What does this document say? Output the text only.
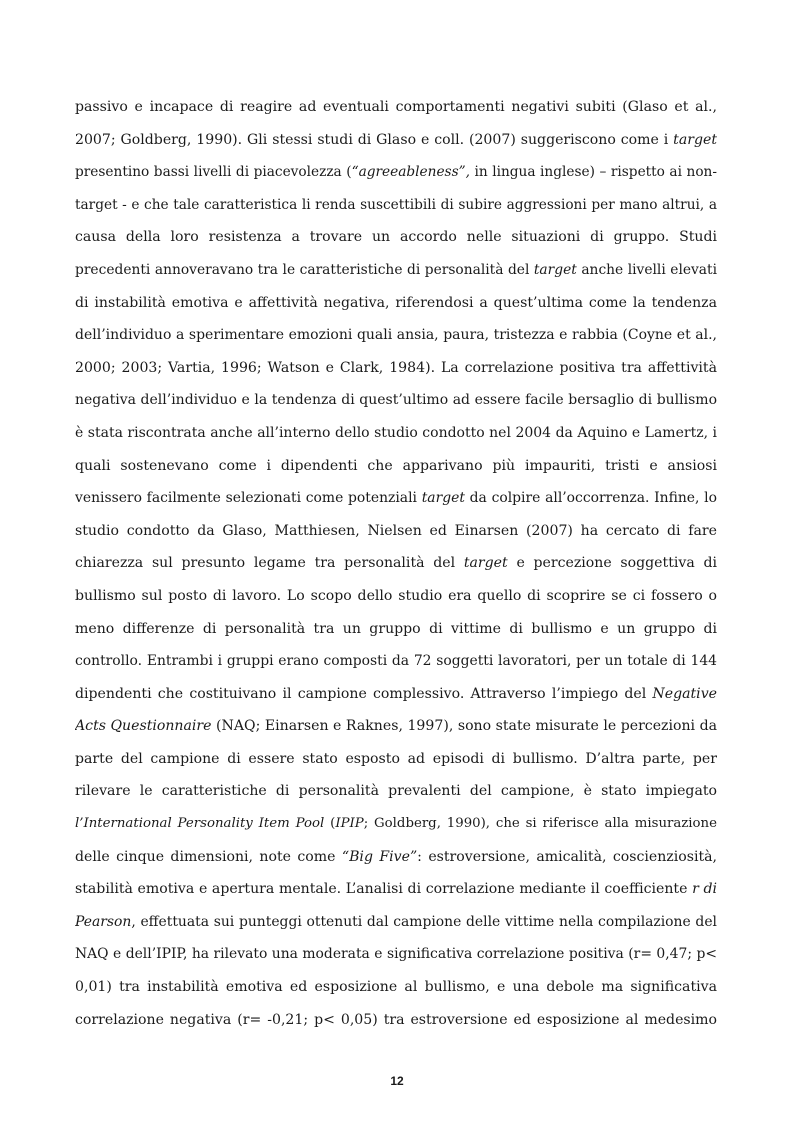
passivo e incapace di reagire ad eventuali comportamenti negativi subiti (Glaso et al.,
2007; Goldberg, 1990). Gli stessi studi di Glaso e coll. (2007) suggeriscono come i target
presentino bassi livelli di piacevolezza (“agreeableness”, in lingua inglese) – rispetto ai non-
target - e che tale caratteristica li renda suscettibili di subire aggressioni per mano altrui, a
causa della loro resistenza a trovare un accordo nelle situazioni di gruppo. Studi
precedenti annoveravano tra le caratteristiche di personalità del target anche livelli elevati
di instabilità emotiva e affettività negativa, riferendosi a quest’ultima come la tendenza
dell’individuo a sperimentare emozioni quali ansia, paura, tristezza e rabbia (Coyne et al.,
2000; 2003; Vartia, 1996; Watson e Clark, 1984). La correlazione positiva tra affettività
negativa dell’individuo e la tendenza di quest’ultimo ad essere facile bersaglio di bullismo
è stata riscontrata anche all’interno dello studio condotto nel 2004 da Aquino e Lamertz, i
quali sostenevano come i dipendenti che apparivano più impauriti, tristi e ansiosi
venissero facilmente selezionati come potenziali target da colpire all’occorrenza. Infine, lo
studio condotto da Glaso, Matthiesen, Nielsen ed Einarsen (2007) ha cercato di fare
chiarezza sul presunto legame tra personalità del target e percezione soggettiva di
bullismo sul posto di lavoro. Lo scopo dello studio era quello di scoprire se ci fossero o
meno differenze di personalità tra un gruppo di vittime di bullismo e un gruppo di
controllo. Entrambi i gruppi erano composti da 72 soggetti lavoratori, per un totale di 144
dipendenti che costituivano il campione complessivo. Attraverso l’impiego del Negative
Acts Questionnaire (NAQ; Einarsen e Raknes, 1997), sono state misurate le percezioni da
parte del campione di essere stato esposto ad episodi di bullismo. D’altra parte, per
rilevare le caratteristiche di personalità prevalenti del campione, è stato impiegato
l’International Personality Item Pool (IPIP; Goldberg, 1990), che si riferisce alla misurazione
delle cinque dimensioni, note come “Big Five”: estroversione, amicalità, coscienziosità,
stabilità emotiva e apertura mentale. L’analisi di correlazione mediante il coefficiente r di
Pearson, effettuata sui punteggi ottenuti dal campione delle vittime nella compilazione del
NAQ e dell’IPIP, ha rilevato una moderata e significativa correlazione positiva (r= 0,47; p<
0,01) tra instabilità emotiva ed esposizione al bullismo, e una debole ma significativa
correlazione negativa (r= -0,21; p< 0,05) tra estroversione ed esposizione al medesimo
12
